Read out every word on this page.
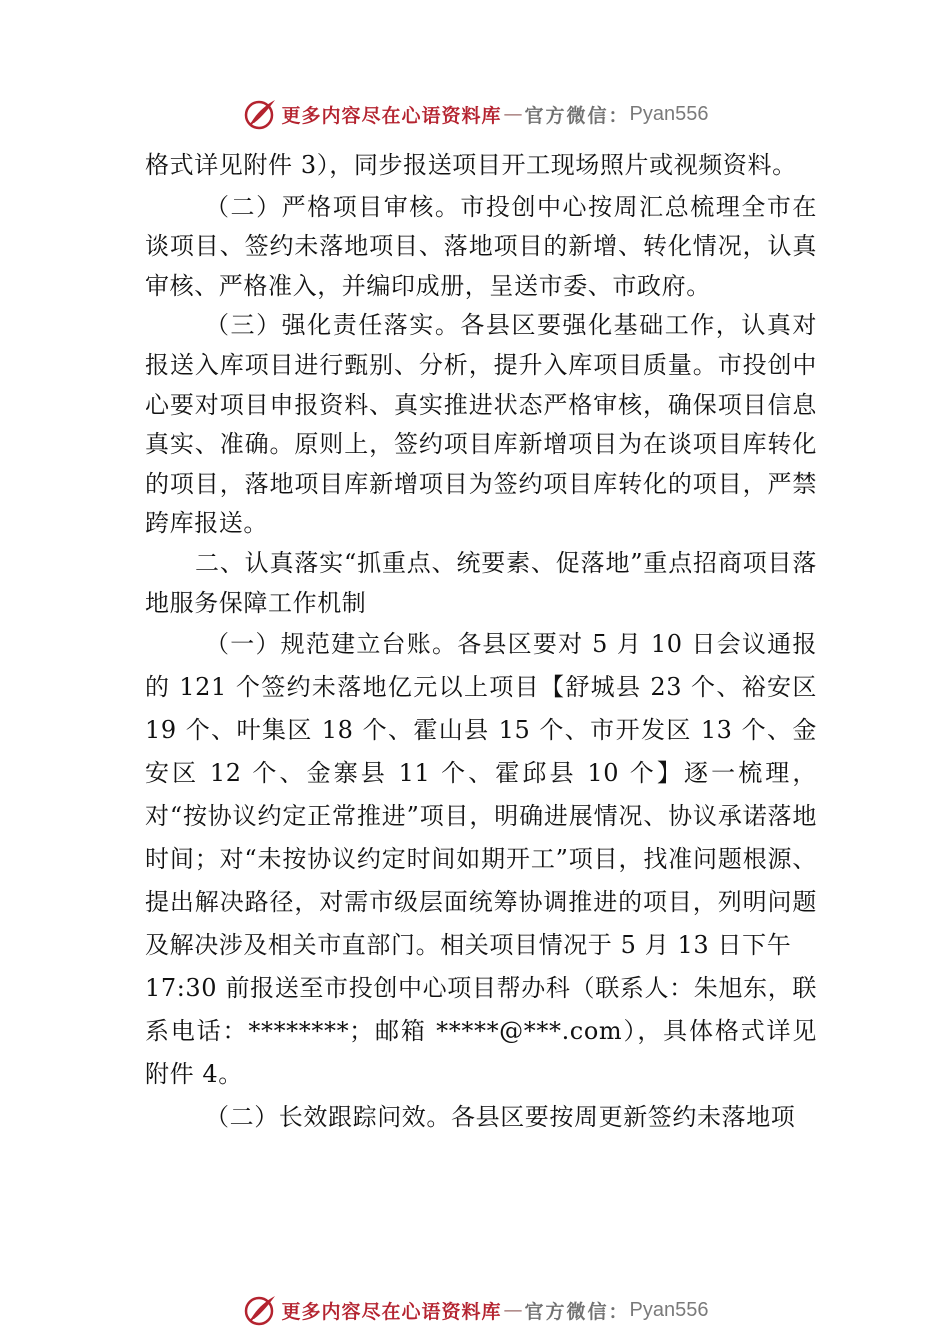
更多内容尽在心语资料库 — 官方微信： Pyan556

格式详见附件 3），同步报送项目开工现场照片或视频资料。

（二）严格项目审核。市投创中心按周汇总梳理全市在谈项目、签约未落地项目、落地项目的新增、转化情况，认真审核、严格准入，并编印成册，呈送市委、市政府。

（三）强化责任落实。各县区要强化基础工作，认真对报送入库项目进行甄别、分析，提升入库项目质量。市投创中心要对项目申报资料、真实推进状态严格审核，确保项目信息真实、准确。原则上，签约项目库新增项目为在谈项目库转化的项目，落地项目库新增项目为签约项目库转化的项目，严禁跨库报送。

二、认真落实“抓重点、统要素、促落地”重点招商项目落地服务保障工作机制

（一）规范建立台账。各县区要对 5 月 10 日会议通报的 121 个签约未落地亿元以上项目【舒城县 23 个、裕安区 19 个、叶集区 18 个、霍山县 15 个、市开发区 13 个、金安区 12 个、金寨县 11 个、霍邱县 10 个】逐一梳理，对“按协议约定正常推进”项目，明确进展情况、协议承诺落地时间；对“未按协议约定时间如期开工”项目，找准问题根源、提出解决路径，对需市级层面统筹协调推进的项目，列明问题及解决涉及相关市直部门。相关项目情况于 5 月 13 日下午

17:30 前报送至市投创中心项目帮办科（联系人：朱旭东，联系电话：********；邮箱 *****@***.com），具体格式详见附件 4。

（二）长效跟踪问效。各县区要按周更新签约未落地项

更多内容尽在心语资料库 — 官方微信： Pyan556
